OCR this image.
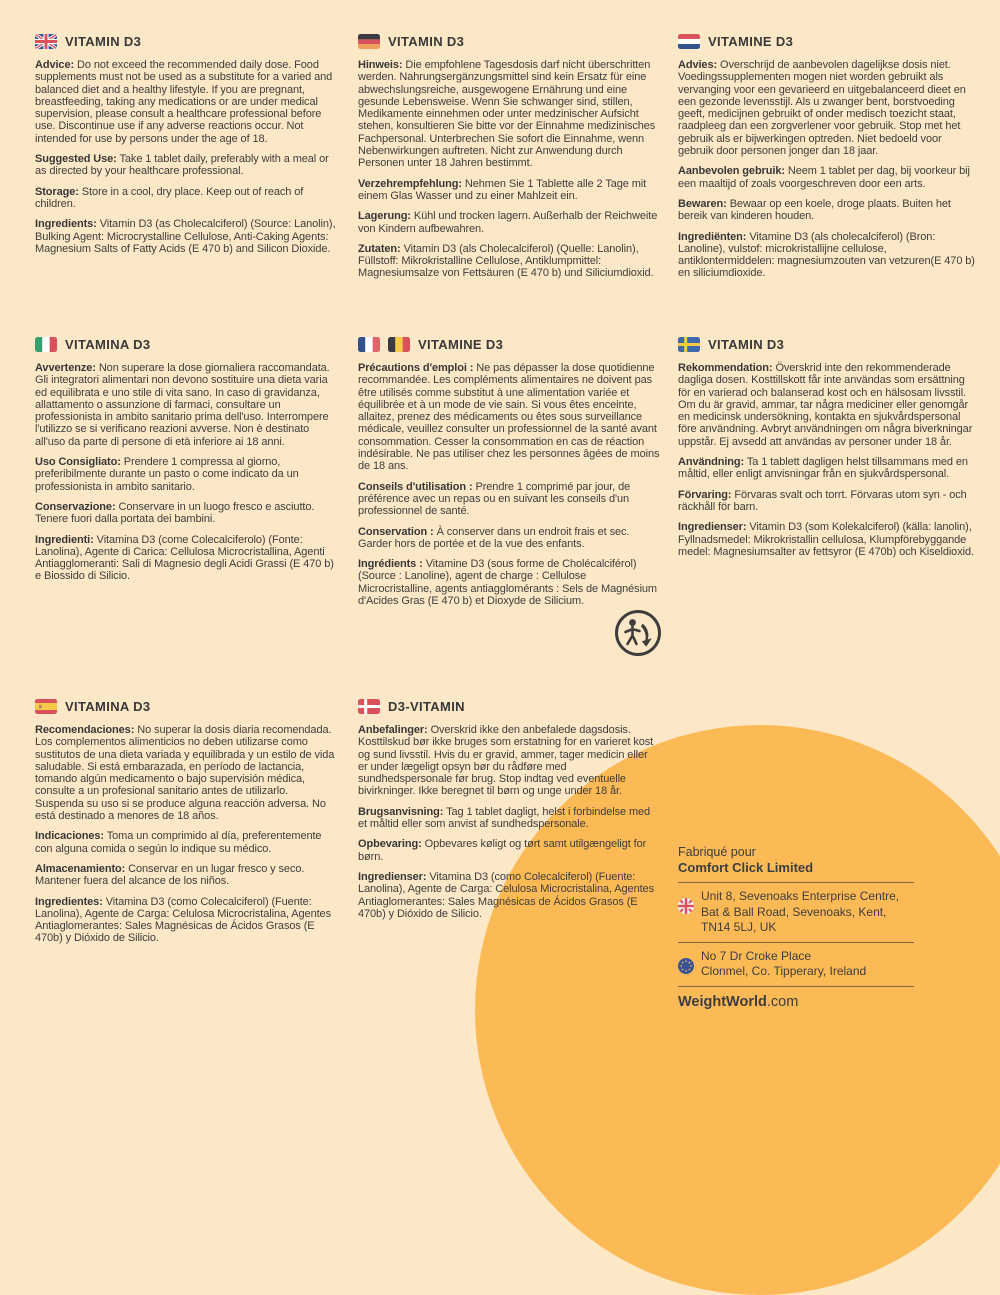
VITAMIN D3

Advice: Do not exceed the recommended daily dose. Food supplements must not be used as a substitute for a varied and balanced diet and a healthy lifestyle. If you are pregnant, breastfeeding, taking any medications or are under medical supervision, please consult a healthcare professional before use. Discontinue use if any adverse reactions occur. Not intended for use by persons under the age of 18.

Suggested Use: Take 1 tablet daily, preferably with a meal or as directed by your healthcare professional.

Storage: Store in a cool, dry place. Keep out of reach of children.

Ingredients: Vitamin D3 (as Cholecalciferol) (Source: Lanolin), Bulking Agent: Microcrystalline Cellulose, Anti-Caking Agents: Magnesium Salts of Fatty Acids (E 470 b) and Silicon Dioxide.

VITAMIN D3

Hinweis: Die empfohlene Tagesdosis darf nicht überschritten werden. Nahrungsergänzungsmittel sind kein Ersatz für eine abwechslungsreiche, ausgewogene Ernährung und eine gesunde Lebensweise. Wenn Sie schwanger sind, stillen, Medikamente einnehmen oder unter medzinischer Aufsicht stehen, konsultieren Sie bitte vor der Einnahme medizinisches Fachpersonal. Unterbrechen Sie sofort die Einnahme, wenn Nebenwirkungen auftreten. Nicht zur Anwendung durch Personen unter 18 Jahren bestimmt.

Verzehrempfehlung: Nehmen Sie 1 Tablette alle 2 Tage mit einem Glas Wasser und zu einer Mahlzeit ein.

Lagerung: Kühl und trocken lagern. Außerhalb der Reichweite von Kindern aufbewahren.

Zutaten: Vitamin D3 (als Cholecalciferol) (Quelle: Lanolin), Füllstoff: Mikrokristalline Cellulose, Antiklumpmittel: Magnesiumsalze von Fettsäuren (E 470 b) und Siliciumdioxid.

VITAMINE D3

Advies: Overschrijd de aanbevolen dagelijkse dosis niet. Voedingssupplementen mogen niet worden gebruikt als vervanging voor een gevarieerd en uitgebalanceerd dieet en een gezonde levensstijl. Als u zwanger bent, borstvoeding geeft, medicijnen gebruikt of onder medisch toezicht staat, raadpleeg dan een zorgverlener voor gebruik. Stop met het gebruik als er bijwerkingen optreden. Niet bedoeld voor gebruik door personen jonger dan 18 jaar.

Aanbevolen gebruik: Neem 1 tablet per dag, bij voorkeur bij een maaltijd of zoals voorgeschreven door een arts.

Bewaren: Bewaar op een koele, droge plaats. Buiten het bereik van kinderen houden.

Ingrediënten: Vitamine D3 (als cholecalciferol) (Bron: Lanoline), vulstof: microkristallijne cellulose, antiklontermiddelen: magnesiumzouten van vetzuren(E 470 b) en siliciumdioxide.

VITAMINA D3

Avvertenze: Non superare la dose giornaliera raccomandata. Gli integratori alimentari non devono sostituire una dieta varia ed equilibrata e uno stile di vita sano. In caso di gravidanza, allattamento o assunzione di farmaci, consultare un professionista in ambito sanitario prima dell'uso. Interrompere l'utilizzo se si verificano reazioni avverse. Non è destinato all'uso da parte di persone di età inferiore ai 18 anni.

Uso Consigliato: Prendere 1 compressa al giorno, preferibilmente durante un pasto o come indicato da un professionista in ambito sanitario.

Conservazione: Conservare in un luogo fresco e asciutto. Tenere fuori dalla portata dei bambini.

Ingredienti: Vitamina D3 (come Colecalciferolo) (Fonte: Lanolina), Agente di Carica: Cellulosa Microcristallina, Agenti Antiagglomeranti: Sali di Magnesio degli Acidi Grassi (E 470 b) e Biossido di Silicio.

VITAMINE D3

Précautions d'emploi : Ne pas dépasser la dose quotidienne recommandée. Les compléments alimentaires ne doivent pas être utilisés comme substitut à une alimentation variée et équilibrée et à un mode de vie sain. Si vous êtes enceinte, allaitez, prenez des médicaments ou êtes sous surveillance médicale, veuillez consulter un professionnel de la santé avant consommation. Cesser la consommation en cas de réaction indésirable. Ne pas utiliser chez les personnes âgées de moins de 18 ans.

Conseils d'utilisation : Prendre 1 comprimé par jour, de préférence avec un repas ou en suivant les conseils d'un professionnel de santé.

Conservation : À conserver dans un endroit frais et sec. Garder hors de portée et de la vue des enfants.

Ingrédients : Vitamine D3 (sous forme de Cholécalciférol) (Source : Lanoline), agent de charge : Cellulose Microcristalline, agents antiagglomérants : Sels de Magnésium d'Acides Gras (E 470 b) et Dioxyde de Silicium.

VITAMIN D3

Rekommendation: Överskrid inte den rekommenderade dagliga dosen. Kosttillskott får inte användas som ersättning för en varierad och balanserad kost och en hälsosam livsstil. Om du är gravid, ammar, tar några mediciner eller genomgår en medicinsk undersökning, kontakta en sjukvårdspersonal före användning. Avbryt användningen om några biverkningar uppstår. Ej avsedd att användas av personer under 18 år.

Användning: Ta 1 tablett dagligen helst tillsammans med en måltid, eller enligt anvisningar från en sjukvårdspersonal.

Förvaring: Förvaras svalt och torrt. Förvaras utom syn - och räckhåll för barn.

Ingredienser: Vitamin D3 (som Kolekalciferol) (källa: lanolin), Fyllnadsmedel: Mikrokristallin cellulosa, Klumpförebyggande medel: Magnesiumsalter av fettsyror (E 470b) och Kiseldioxid.

VITAMINA D3

Recomendaciones: No superar la dosis diaria recomendada. Los complementos alimenticios no deben utilizarse como sustitutos de una dieta variada y equilibrada y un estilo de vida saludable. Si está embarazada, en período de lactancia, tomando algún medicamento o bajo supervisión médica, consulte a un profesional sanitario antes de utilizarlo. Suspenda su uso si se produce alguna reacción adversa. No está destinado a menores de 18 años.

Indicaciones: Toma un comprimido al día, preferentemente con alguna comida o según lo indique su médico.

Almacenamiento: Conservar en un lugar fresco y seco. Mantener fuera del alcance de los niños.

Ingredientes: Vitamina D3 (como Colecalciferol) (Fuente: Lanolina), Agente de Carga: Celulosa Microcristalina, Agentes Antiaglomerantes: Sales Magnésicas de Ácidos Grasos (E 470b) y Dióxido de Silicio.

D3-VITAMIN

Anbefalinger: Overskrid ikke den anbefalede dagsdosis. Kosttilskud bør ikke bruges som erstatning for en varieret kost og sund livsstil. Hvis du er gravid, ammer, tager medicin eller er under lægeligt opsyn bør du rådføre med sundhedspersonale før brug. Stop indtag ved eventuelle bivirkninger. Ikke beregnet til børn og unge under 18 år.

Brugsanvisning: Tag 1 tablet dagligt, helst i forbindelse med et måltid eller som anvist af sundhedspersonale.

Opbevaring: Opbevares køligt og tørt samt utilgængeligt for børn.

Ingredienser: Vitamina D3 (como Colecalciferol) (Fuente: Lanolina), Agente de Carga: Celulosa Microcristalina, Agentes Antiaglomerantes: Sales Magnésicas de Ácidos Grasos (E 470b) y Dióxido de Silicio.

Fabriqué pour
Comfort Click Limited
Unit 8, Sevenoaks Enterprise Centre,
Bat & Ball Road, Sevenoaks, Kent,
TN14 5LJ, UK
No 7 Dr Croke Place
Clonmel, Co. Tipperary, Ireland
WeightWorld.com
